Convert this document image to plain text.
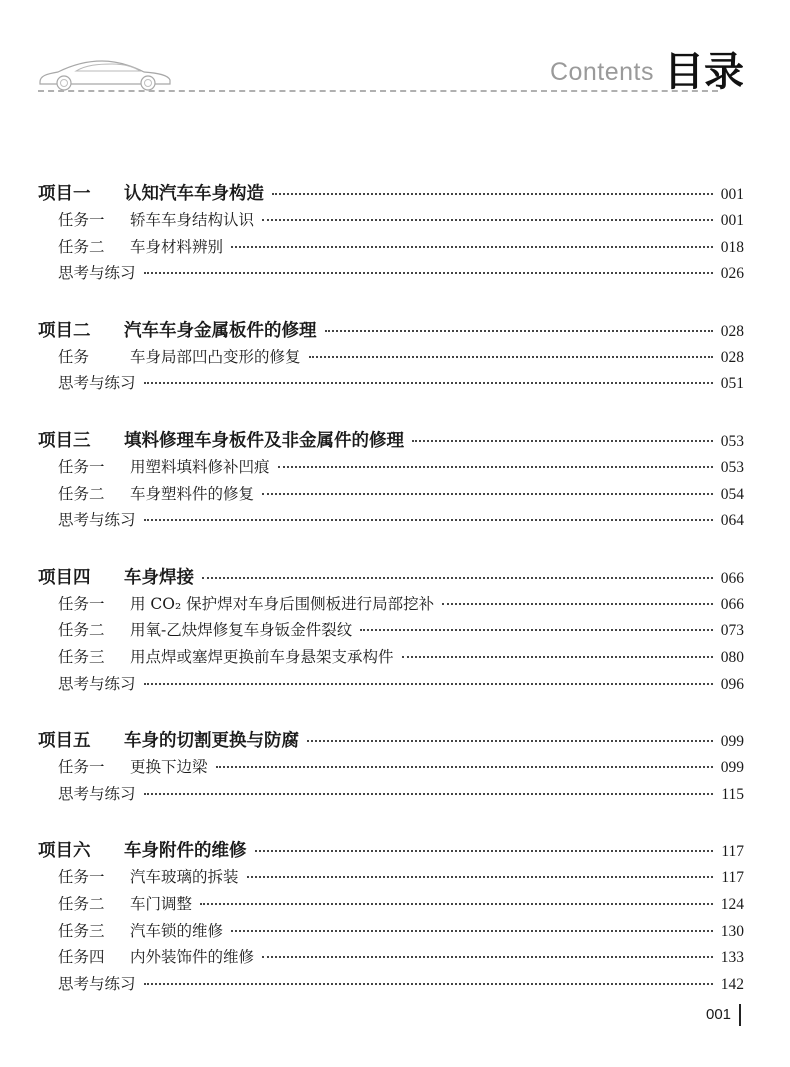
Contents 目录
项目一	认知汽车车身构造	001
任务一	轿车车身结构认识	001
任务二	车身材料辨别	018
思考与练习	026
项目二	汽车车身金属板件的修理	028
任务	车身局部凹凸变形的修复	028
思考与练习	051
项目三	填料修理车身板件及非金属件的修理	053
任务一	用塑料填料修补凹痕	053
任务二	车身塑料件的修复	054
思考与练习	064
项目四	车身焊接	066
任务一	用 CO₂ 保护焊对车身后围侧板进行局部挖补	066
任务二	用氧-乙炔焊修复车身钣金件裂纹	073
任务三	用点焊或塞焊更换前车身悬架支承构件	080
思考与练习	096
项目五	车身的切割更换与防腐	099
任务一	更换下边梁	099
思考与练习	115
项目六	车身附件的维修	117
任务一	汽车玻璃的拆装	117
任务二	车门调整	124
任务三	汽车锁的维修	130
任务四	内外装饰件的维修	133
思考与练习	142
001
